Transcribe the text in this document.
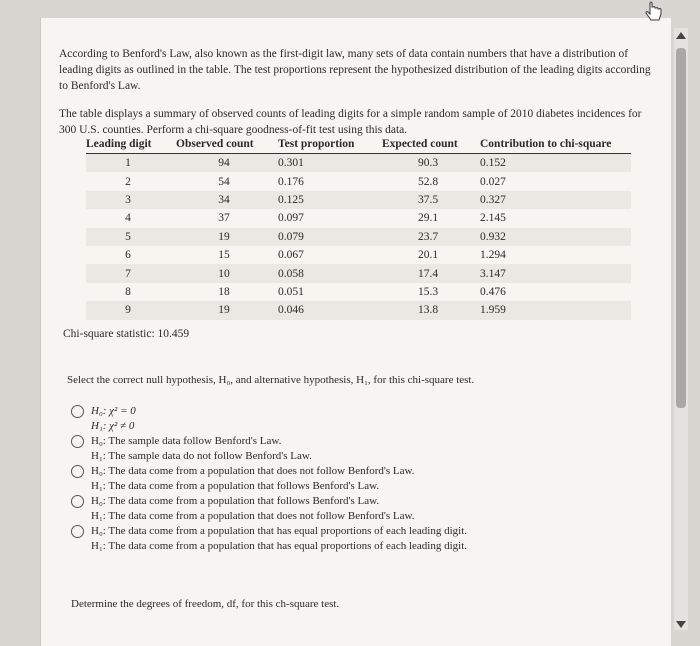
According to Benford's Law, also known as the first-digit law, many sets of data contain numbers that have a distribution of leading digits as outlined in the table. The test proportions represent the hypothesized distribution of the leading digits according to Benford's Law.

The table displays a summary of observed counts of leading digits for a simple random sample of 2010 diabetes incidences for 300 U.S. counties. Perform a chi-square goodness-of-fit test using this data.

Leading digit	Observed count	Test proportion	Expected count	Contribution to chi-square
1	94	0.301	90.3	0.152
2	54	0.176	52.8	0.027
3	34	0.125	37.5	0.327
4	37	0.097	29.1	2.145
5	19	0.079	23.7	0.932
6	15	0.067	20.1	1.294
7	10	0.058	17.4	3.147
8	18	0.051	15.3	0.476
9	19	0.046	13.8	1.959
Chi-square statistic: 10.459
Select the correct null hypothesis, H₀, and alternative hypothesis, H₁, for this chi-square test.
H₀: χ² = 0
H₁: χ² ≠ 0
H₀: The sample data follow Benford's Law.
H₁: The sample data do not follow Benford's Law.
H₀: The data come from a population that does not follow Benford's Law.
H₁: The data come from a population that follows Benford's Law.
H₀: The data come from a population that follows Benford's Law.
H₁: The data come from a population that does not follow Benford's Law.
H₀: The data come from a population that has equal proportions of each leading digit.
H₁: The data come from a population that has equal proportions of each leading digit.
Determine the degrees of freedom, df, for this ch-square test.
